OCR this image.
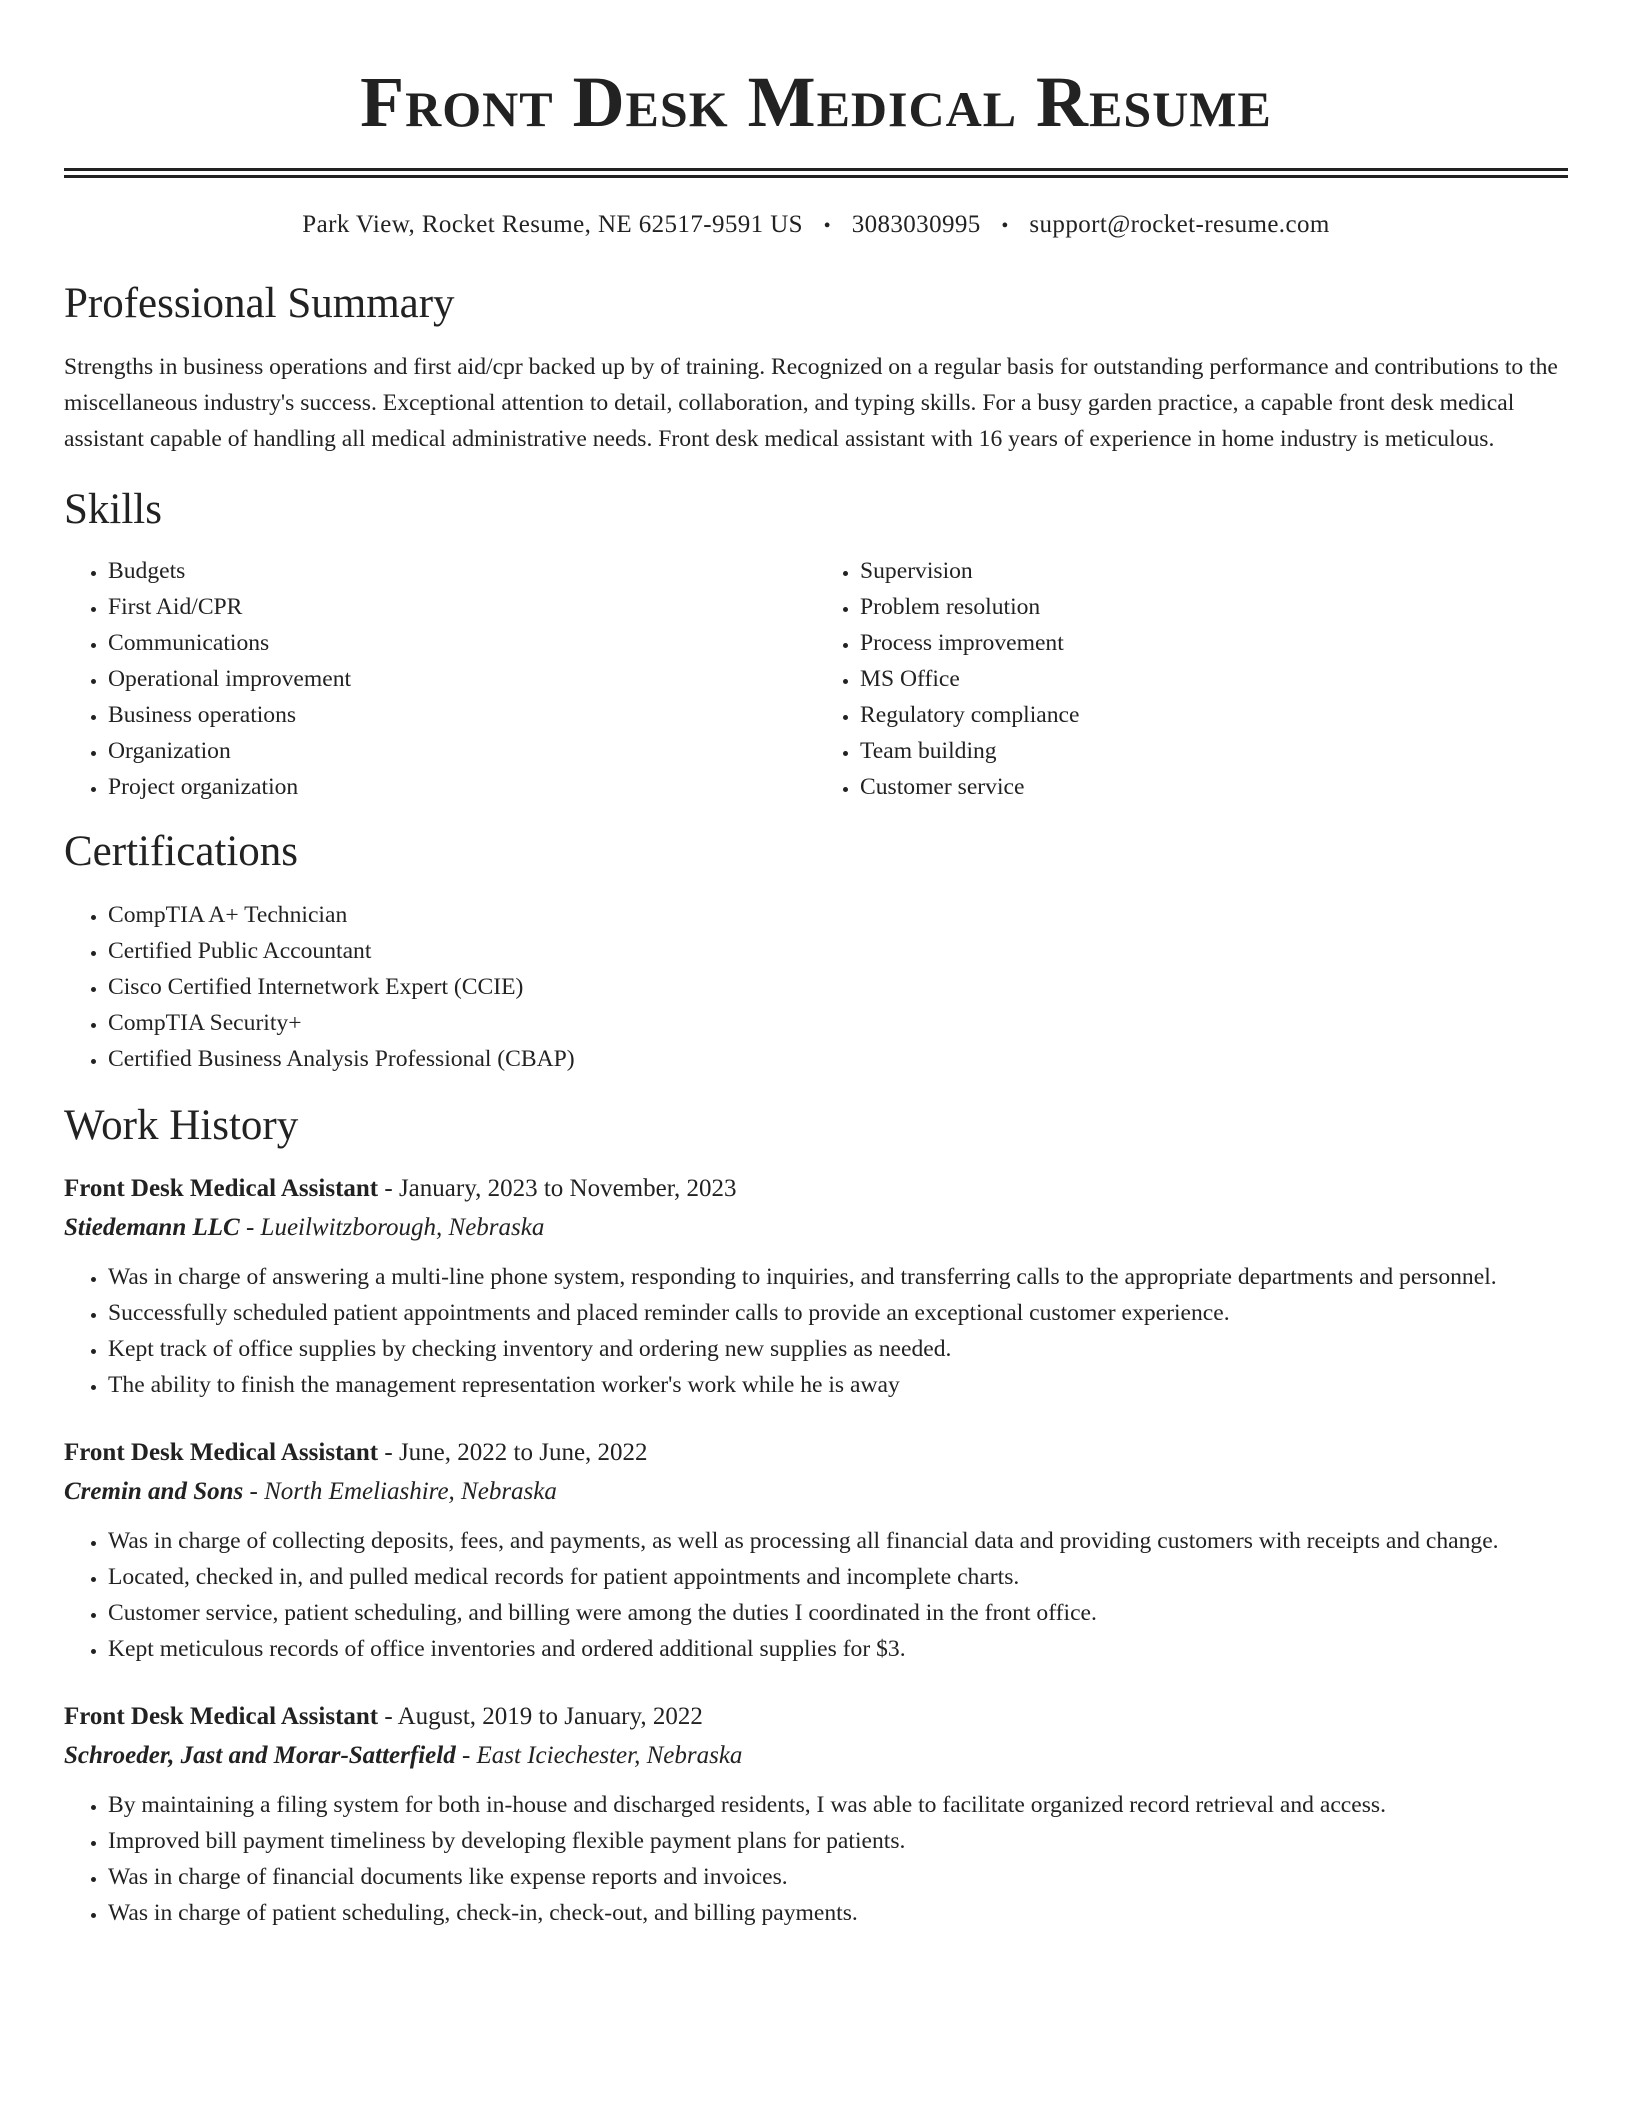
Front Desk Medical Resume
Park View, Rocket Resume, NE 62517-9591 US • 3083030995 • support@rocket-resume.com
Professional Summary

Strengths in business operations and first aid/cpr backed up by of training. Recognized on a regular basis for outstanding performance and contributions to the miscellaneous industry's success. Exceptional attention to detail, collaboration, and typing skills. For a busy garden practice, a capable front desk medical assistant capable of handling all medical administrative needs. Front desk medical assistant with 16 years of experience in home industry is meticulous.

Skills
• Budgets
• First Aid/CPR
• Communications
• Operational improvement
• Business operations
• Organization
• Project organization
• Supervision
• Problem resolution
• Process improvement
• MS Office
• Regulatory compliance
• Team building
• Customer service
Certifications
• CompTIA A+ Technician
• Certified Public Accountant
• Cisco Certified Internetwork Expert (CCIE)
• CompTIA Security+
• Certified Business Analysis Professional (CBAP)
Work History
Front Desk Medical Assistant - January, 2023 to November, 2023
Stiedemann LLC - Lueilwitzborough, Nebraska
• Was in charge of answering a multi-line phone system, responding to inquiries, and transferring calls to the appropriate departments and personnel.
• Successfully scheduled patient appointments and placed reminder calls to provide an exceptional customer experience.
• Kept track of office supplies by checking inventory and ordering new supplies as needed.
• The ability to finish the management representation worker's work while he is away
Front Desk Medical Assistant - June, 2022 to June, 2022
Cremin and Sons - North Emeliashire, Nebraska
• Was in charge of collecting deposits, fees, and payments, as well as processing all financial data and providing customers with receipts and change.
• Located, checked in, and pulled medical records for patient appointments and incomplete charts.
• Customer service, patient scheduling, and billing were among the duties I coordinated in the front office.
• Kept meticulous records of office inventories and ordered additional supplies for $3.
Front Desk Medical Assistant - August, 2019 to January, 2022
Schroeder, Jast and Morar-Satterfield - East Iciechester, Nebraska
• By maintaining a filing system for both in-house and discharged residents, I was able to facilitate organized record retrieval and access.
• Improved bill payment timeliness by developing flexible payment plans for patients.
• Was in charge of financial documents like expense reports and invoices.
• Was in charge of patient scheduling, check-in, check-out, and billing payments.
